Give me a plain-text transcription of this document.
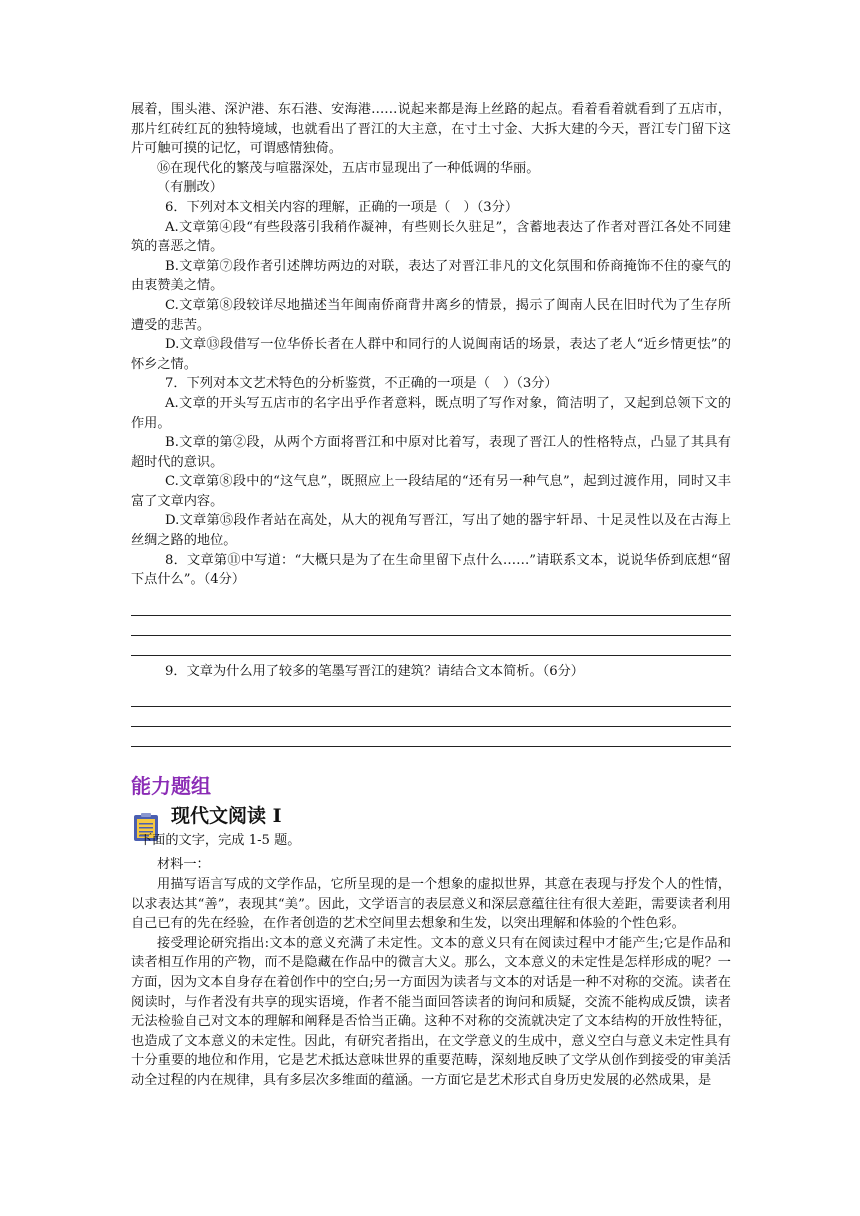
展着，围头港、深沪港、东石港、安海港……说起来都是海上丝路的起点。看着看着就看到了五店市，那片红砖红瓦的独特境域，也就看出了晋江的大主意，在寸土寸金、大拆大建的今天，晋江专门留下这片可触可摸的记忆，可谓感情独倚。

⑯在现代化的繁茂与喧嚣深处，五店市显现出了一种低调的华丽。

（有删改）

6．下列对本文相关内容的理解，正确的一项是（　）（3分）

A.文章第④段“有些段落引我稍作凝神，有些则长久驻足”，含蓄地表达了作者对晋江各处不同建筑的喜恶之情。

B.文章第⑦段作者引述牌坊两边的对联，表达了对晋江非凡的文化氛围和侨商掩饰不住的豪气的由衷赞美之情。

C.文章第⑧段较详尽地描述当年闽南侨商背井离乡的情景，揭示了闽南人民在旧时代为了生存所遭受的悲苦。

D.文章⑬段借写一位华侨长者在人群中和同行的人说闽南话的场景，表达了老人“近乡情更怯”的怀乡之情。

7．下列对本文艺术特色的分析鉴赏，不正确的一项是（　）（3分）

A.文章的开头写五店市的名字出乎作者意料，既点明了写作对象，简洁明了，又起到总领下文的作用。

B.文章的第②段，从两个方面将晋江和中原对比着写，表现了晋江人的性格特点，凸显了其具有超时代的意识。

C.文章第⑧段中的“这气息”，既照应上一段结尾的“还有另一种气息”，起到过渡作用，同时又丰富了文章内容。

D.文章第⑮段作者站在高处，从大的视角写晋江，写出了她的器宇轩昂、十足灵性以及在古海上丝绸之路的地位。

8．文章第⑪中写道：“大概只是为了在生命里留下点什么……”请联系文本，说说华侨到底想“留下点什么”。（4分）

9．文章为什么用了较多的笔墨写晋江的建筑？请结合文本简析。（6分）

能力题组
现代文阅读 I
下面的文字，完成 1-5 题。

材料一：

用描写语言写成的文学作品，它所呈现的是一个想象的虚拟世界，其意在表现与抒发个人的性情，以求表达其“善”，表现其“美”。因此，文学语言的表层意义和深层意蕴往往有很大差距，需要读者利用自己已有的先在经验，在作者创造的艺术空间里去想象和生发，以突出理解和体验的个性色彩。

接受理论研究指出:文本的意义充满了未定性。文本的意义只有在阅读过程中才能产生;它是作品和读者相互作用的产物，而不是隐藏在作品中的微言大义。那么，文本意义的未定性是怎样形成的呢？一方面，因为文本自身存在着创作中的空白;另一方面因为读者与文本的对话是一种不对称的交流。读者在阅读时，与作者没有共享的现实语境，作者不能当面回答读者的询问和质疑，交流不能构成反馈，读者无法检验自己对文本的理解和阐释是否恰当正确。这种不对称的交流就决定了文本结构的开放性特征，也造成了文本意义的未定性。因此，有研究者指出，在文学意义的生成中，意义空白与意义未定性具有十分重要的地位和作用，它是艺术抵达意味世界的重要范畴，深刻地反映了文学从创作到接受的审美活动全过程的内在规律，具有多层次多维面的蕴涵。一方面它是艺术形式自身历史发展的必然成果，是
